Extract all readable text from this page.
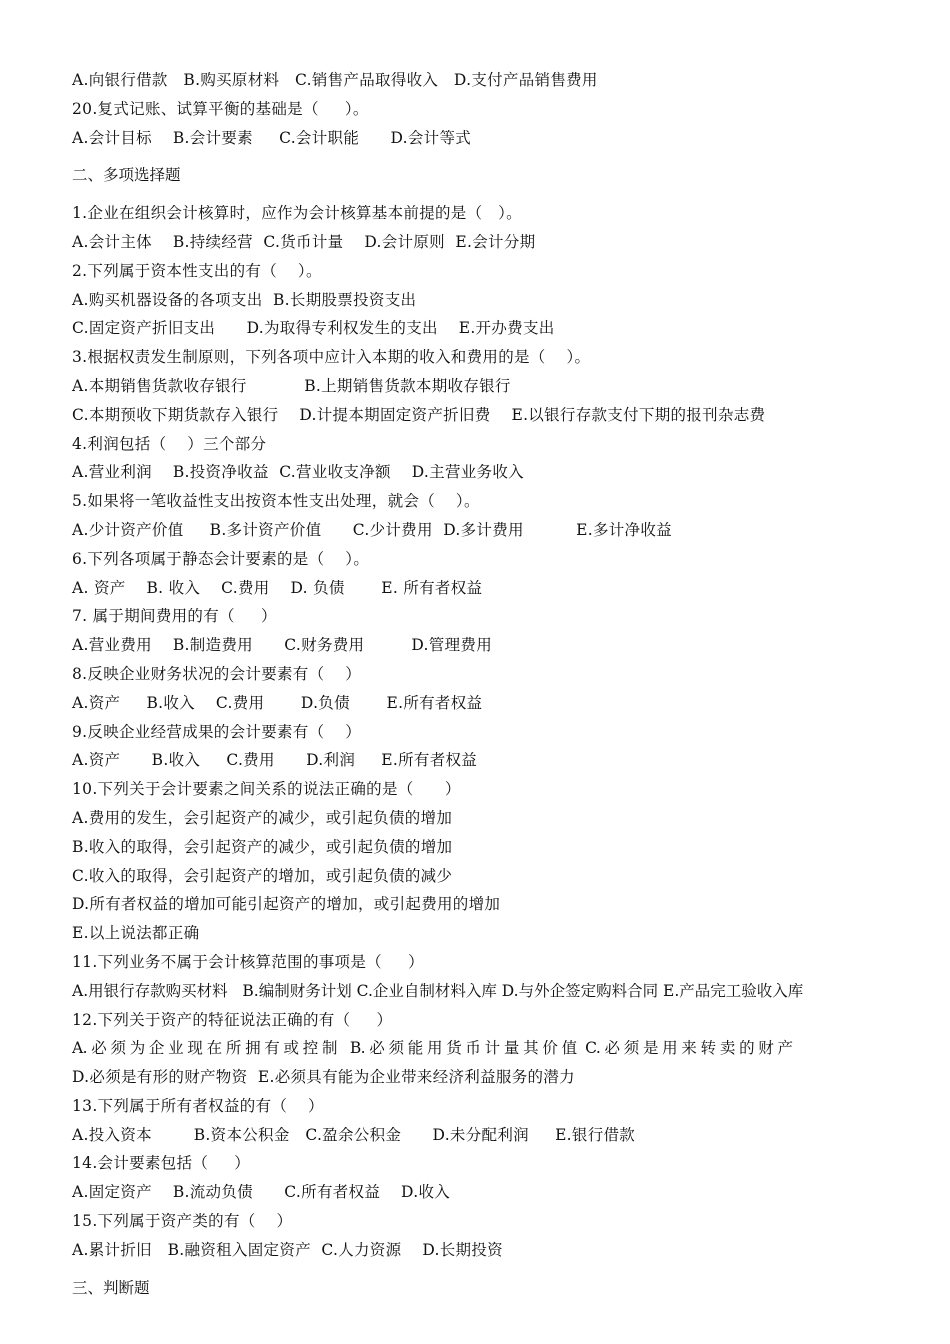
A.向银行借款   B.购买原材料   C.销售产品取得收入   D.支付产品销售费用
20.复式记账、试算平衡的基础是（     ）。
A.会计目标    B.会计要素     C.会计职能      D.会计等式
二、多项选择题
1.企业在组织会计核算时，应作为会计核算基本前提的是（   ）。
A.会计主体    B.持续经营  C.货币计量    D.会计原则  E.会计分期
2.下列属于资本性支出的有（    ）。
A.购买机器设备的各项支出  B.长期股票投资支出
C.固定资产折旧支出      D.为取得专利权发生的支出    E.开办费支出
3.根据权责发生制原则，下列各项中应计入本期的收入和费用的是（    ）。
A.本期销售货款收存银行           B.上期销售货款本期收存银行
C.本期预收下期货款存入银行    D.计提本期固定资产折旧费    E.以银行存款支付下期的报刊杂志费
4.利润包括（    ）三个部分
A.营业利润    B.投资净收益  C.营业收支净额    D.主营业务收入
5.如果将一笔收益性支出按资本性支出处理，就会（    ）。
A.少计资产价值     B.多计资产价值      C.少计费用  D.多计费用          E.多计净收益
6.下列各项属于静态会计要素的是（    ）。
A. 资产    B. 收入    C.费用    D. 负债       E. 所有者权益
7. 属于期间费用的有（     ）
A.营业费用    B.制造费用      C.财务费用         D.管理费用
8.反映企业财务状况的会计要素有（    ）
A.资产     B.收入    C.费用       D.负债       E.所有者权益
9.反映企业经营成果的会计要素有（    ）
A.资产      B.收入     C.费用      D.利润     E.所有者权益
10.下列关于会计要素之间关系的说法正确的是（      ）
A.费用的发生，会引起资产的减少，或引起负债的增加
B.收入的取得，会引起资产的减少，或引起负债的增加
C.收入的取得，会引起资产的增加，或引起负债的减少
D.所有者权益的增加可能引起资产的增加，或引起费用的增加
E.以上说法都正确
11.下列业务不属于会计核算范围的事项是（     ）
A.用银行存款购买材料   B.编制财务计划 C.企业自制材料入库 D.与外企签定购料合同 E.产品完工验收入库
12.下列关于资产的特征说法正确的有（     ）
A. 必 须 为 企 业 现 在 所 拥 有 或 控 制   B. 必 须 能 用 货 币 计 量 其 价 值  C. 必 须 是 用 来 转 卖 的 财 产
D.必须是有形的财产物资  E.必须具有能为企业带来经济利益服务的潜力
13.下列属于所有者权益的有（    ）
A.投入资本        B.资本公积金   C.盈余公积金      D.未分配利润     E.银行借款
14.会计要素包括（     ）
A.固定资产    B.流动负债      C.所有者权益    D.收入
15.下列属于资产类的有（    ）
A.累计折旧   B.融资租入固定资产  C.人力资源    D.长期投资
三、判断题
